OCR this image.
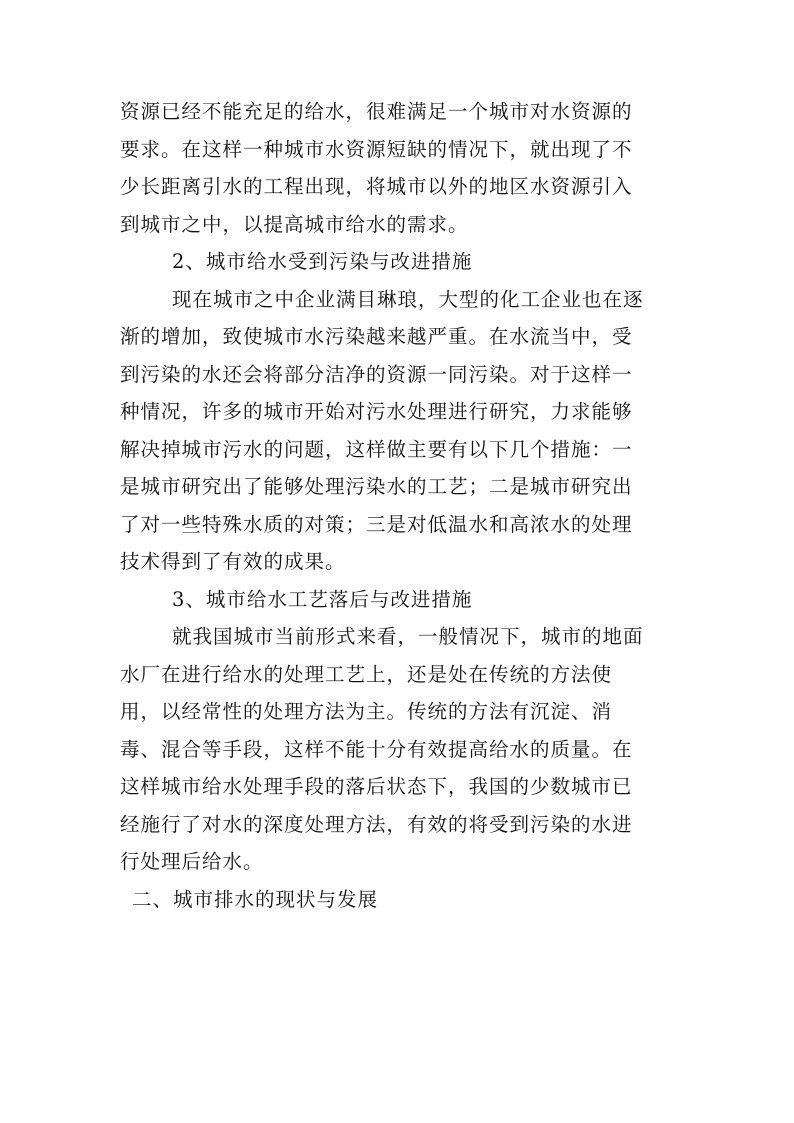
资源已经不能充足的给水，很难满足一个城市对水资源的
要求。在这样一种城市水资源短缺的情况下，就出现了不
少长距离引水的工程出现，将城市以外的地区水资源引入
到城市之中，以提高城市给水的需求。
2、城市给水受到污染与改进措施
现在城市之中企业满目琳琅，大型的化工企业也在逐
渐的增加，致使城市水污染越来越严重。在水流当中，受
到污染的水还会将部分洁净的资源一同污染。对于这样一
种情况，许多的城市开始对污水处理进行研究，力求能够
解决掉城市污水的问题，这样做主要有以下几个措施：一
是城市研究出了能够处理污染水的工艺；二是城市研究出
了对一些特殊水质的对策；三是对低温水和高浓水的处理
技术得到了有效的成果。
3、城市给水工艺落后与改进措施
就我国城市当前形式来看，一般情况下，城市的地面
水厂在进行给水的处理工艺上，还是处在传统的方法使
用，以经常性的处理方法为主。传统的方法有沉淀、消
毒、混合等手段，这样不能十分有效提高给水的质量。在
这样城市给水处理手段的落后状态下，我国的少数城市已
经施行了对水的深度处理方法，有效的将受到污染的水进
行处理后给水。
二、城市排水的现状与发展
